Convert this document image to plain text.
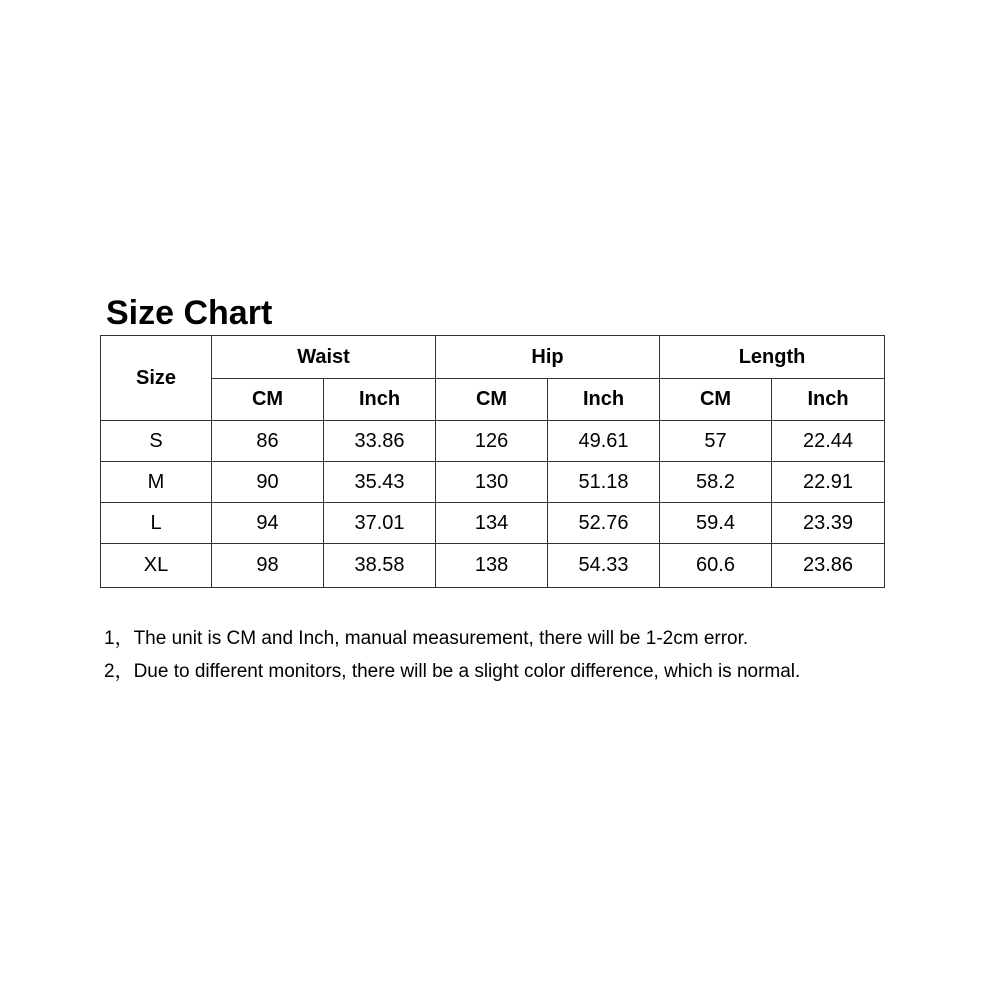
Size Chart
Size	Waist		Hip		Length	
	CM	Inch	CM	Inch	CM	Inch
S	86	33.86	126	49.61	57	22.44
M	90	35.43	130	51.18	58.2	22.91
L	94	37.01	134	52.76	59.4	23.39
XL	98	38.58	138	54.33	60.6	23.86

1，The unit is CM and Inch, manual measurement, there will be 1-2cm error.

2，Due to different monitors, there will be a slight color difference, which is normal.
